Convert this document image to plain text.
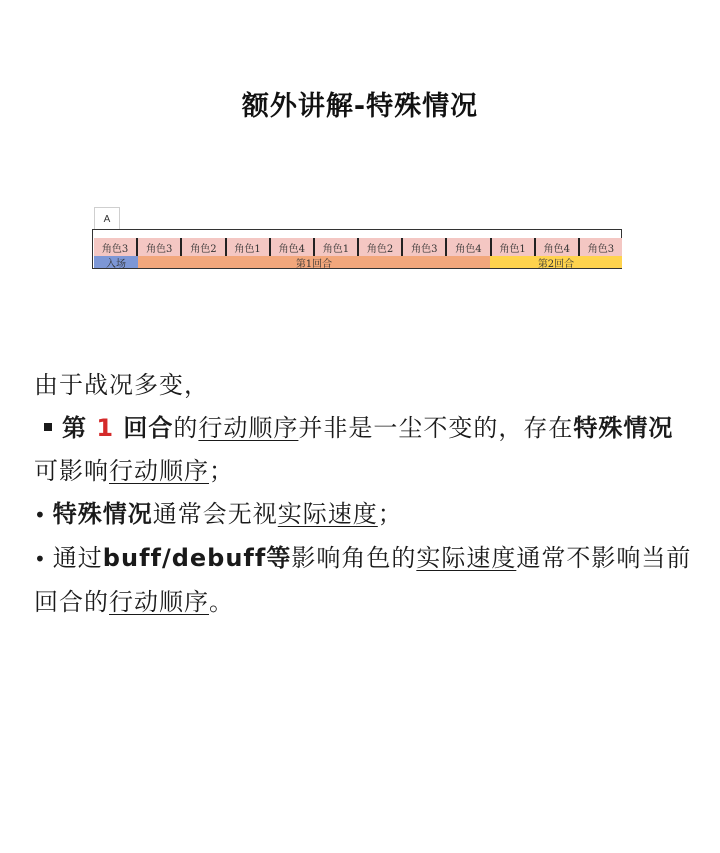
额外讲解-特殊情况
A
角色3	角色3	角色2	角色1	角色4	角色1	角色2	角色3	角色4	角色1	角色4	角色3
入场	第1回合	第2回合

由于战况多变，

第 1 回合的行动顺序并非是一尘不变的，存在特殊情况可影响行动顺序；

• 特殊情况通常会无视实际速度；

• 通过buff/debuff等影响角色的实际速度通常不影响当前回合的行动顺序。
